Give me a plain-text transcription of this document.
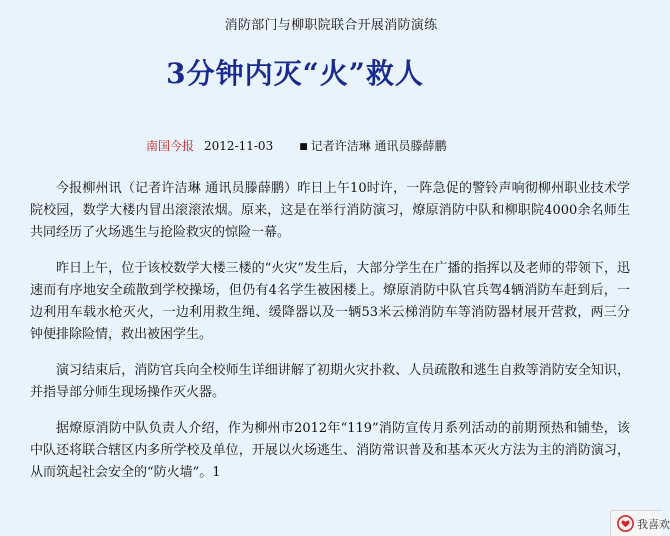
消防部门与柳职院联合开展消防演练
3分钟内灭“火”救人
南国今报 2012-11-03	■ 记者许洁琳 通讯员滕薛鹏

今报柳州讯（记者许洁琳 通讯员滕薛鹏）昨日上午10时许，一阵急促的警铃声响彻柳州职业技术学院校园，数学大楼内冒出滚滚浓烟。原来，这是在举行消防演习，燎原消防中队和柳职院4000余名师生共同经历了火场逃生与抢险救灾的惊险一幕。

昨日上午，位于该校数学大楼三楼的“火灾”发生后，大部分学生在广播的指挥以及老师的带领下，迅速而有序地安全疏散到学校操场，但仍有4名学生被困楼上。燎原消防中队官兵驾4辆消防车赶到后，一边利用车载水枪灭火，一边利用救生绳、缓降器以及一辆53米云梯消防车等消防器材展开营救，两三分钟便排除险情，救出被困学生。

演习结束后，消防官兵向全校师生详细讲解了初期火灾扑救、人员疏散和逃生自救等消防安全知识，并指导部分师生现场操作灭火器。

据燎原消防中队负责人介绍，作为柳州市2012年“119”消防宣传月系列活动的前期预热和铺垫，该中队还将联合辖区内多所学校及单位，开展以火场逃生、消防常识普及和基本灭火方法为主的消防演习，从而筑起社会安全的“防火墙”。1

我喜欢
